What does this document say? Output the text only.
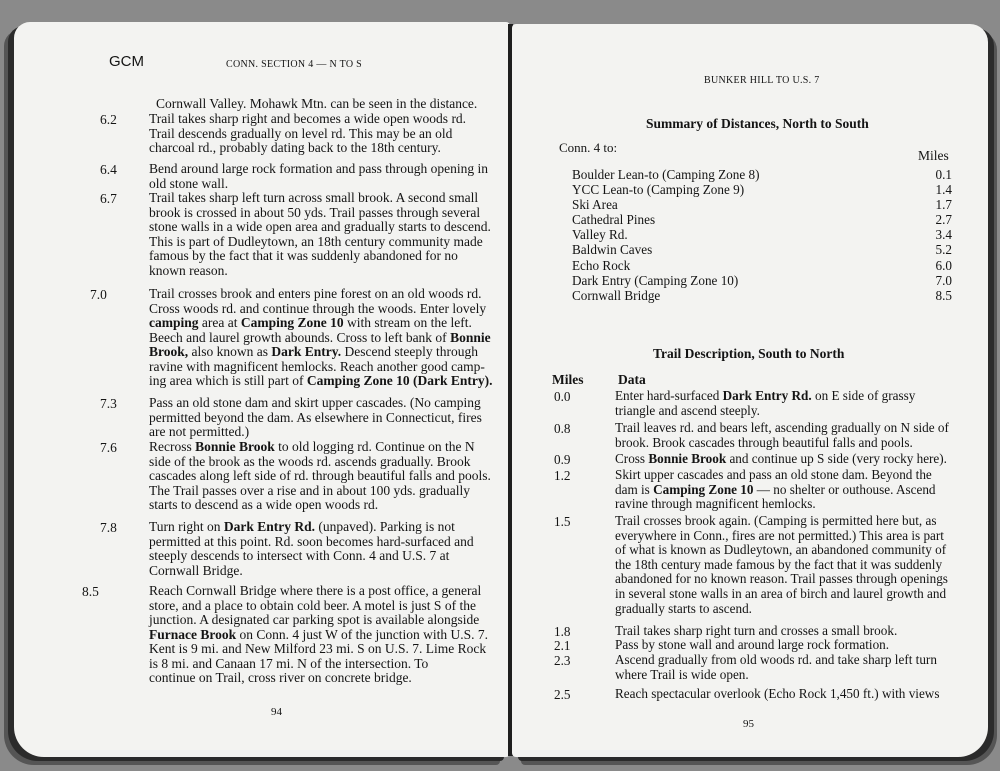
GCM	CONN. SECTION 4 — N TO S
Cornwall Valley. Mohawk Mtn. can be seen in the distance.
6.2 Trail takes sharp right and becomes a wide open woods rd.
Trail descends gradually on level rd. This may be an old
charcoal rd., probably dating back to the 18th century.
6.4 Bend around large rock formation and pass through opening in
old stone wall.
6.7 Trail takes sharp left turn across small brook. A second small
brook is crossed in about 50 yds. Trail passes through several
stone walls in a wide open area and gradually starts to descend.
This is part of Dudleytown, an 18th century community made
famous by the fact that it was suddenly abandoned for no
known reason.
7.0	Trail crosses brook and enters pine forest on an old woods rd.
Cross woods rd. and continue through the woods. Enter lovely
camping area at Camping Zone 10 with stream on the left.
Beech and laurel growth abounds. Cross to left bank of Bonnie
Brook, also known as Dark Entry. Descend steeply through
ravine with magnificent hemlocks. Reach another good camp-
ing area which is still part of Camping Zone 10 (Dark Entry).
7.3 Pass an old stone dam and skirt upper cascades. (No camping
permitted beyond the dam. As elsewhere in Connecticut, fires
are not permitted.)
7.6 Recross Bonnie Brook to old logging rd. Continue on the N
side of the brook as the woods rd. ascends gradually. Brook
cascades along left side of rd. through beautiful falls and pools.
The Trail passes over a rise and in about 100 yds. gradually
starts to descend as a wide open woods rd.
7.8 Turn right on Dark Entry Rd. (unpaved). Parking is not
permitted at this point. Rd. soon becomes hard-surfaced and
steeply descends to intersect with Conn. 4 and U.S. 7 at
Cornwall Bridge.
8.5	Reach Cornwall Bridge where there is a post office, a general
store, and a place to obtain cold beer. A motel is just S of the
junction. A designated car parking spot is available alongside
Furnace Brook on Conn. 4 just W of the junction with U.S. 7.
Kent is 9 mi. and New Milford 23 mi. S on U.S. 7. Lime Rock
is 8 mi. and Canaan 17 mi. N of the intersection. To
continue on Trail, cross river on concrete bridge.
94
BUNKER HILL TO U.S. 7
Summary of Distances, North to South
Conn. 4 to:
Miles
Boulder Lean-to (Camping Zone 8)	0.1
YCC Lean-to (Camping Zone 9)	1.4
Ski Area	1.7
Cathedral Pines	2.7
Valley Rd.	3.4
Baldwin Caves	5.2
Echo Rock	6.0
Dark Entry (Camping Zone 10)	7.0
Cornwall Bridge	8.5
Trail Description, South to North
Miles	Data
0.0	Enter hard-surfaced Dark Entry Rd. on E side of grassy
triangle and ascend steeply.
0.8	Trail leaves rd. and bears left, ascending gradually on N side of
brook. Brook cascades through beautiful falls and pools.
0.9	Cross Bonnie Brook and continue up S side (very rocky here).
1.2	Skirt upper cascades and pass an old stone dam. Beyond the
dam is Camping Zone 10 — no shelter or outhouse. Ascend
ravine through magnificent hemlocks.
1.5	Trail crosses brook again. (Camping is permitted here but, as
everywhere in Conn., fires are not permitted.) This area is part
of what is known as Dudleytown, an abandoned community of
the 18th century made famous by the fact that it was suddenly
abandoned for no known reason. Trail passes through openings
in several stone walls in an area of birch and laurel growth and
gradually starts to ascend.
1.8	Trail takes sharp right turn and crosses a small brook.
2.1	Pass by stone wall and around large rock formation.
2.3	Ascend gradually from old woods rd. and take sharp left turn
where Trail is wide open.
2.5	Reach spectacular overlook (Echo Rock 1,450 ft.) with views
95
